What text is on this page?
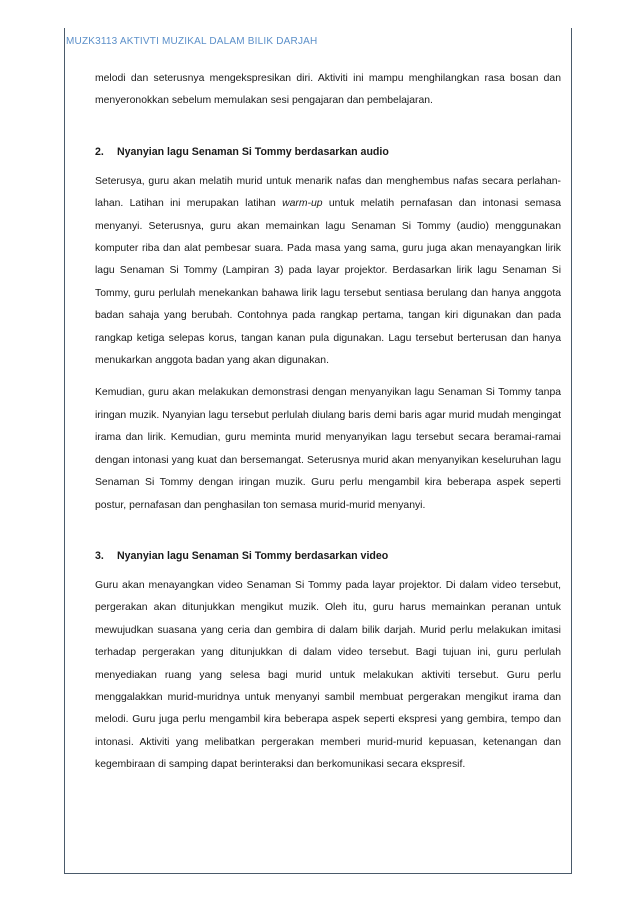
MUZK3113 AKTIVTI MUZIKAL DALAM BILIK DARJAH

melodi dan seterusnya mengekspresikan diri. Aktiviti ini mampu menghilangkan rasa bosan dan menyeronokkan sebelum memulakan sesi pengajaran dan pembelajaran.

2. Nyanyian lagu Senaman Si Tommy berdasarkan audio

Seterusya, guru akan melatih murid untuk menarik nafas dan menghembus nafas secara perlahan-lahan. Latihan ini merupakan latihan warm-up untuk melatih pernafasan dan intonasi semasa menyanyi. Seterusnya, guru akan memainkan lagu Senaman Si Tommy (audio) menggunakan komputer riba dan alat pembesar suara. Pada masa yang sama, guru juga akan menayangkan lirik lagu Senaman Si Tommy (Lampiran 3) pada layar projektor. Berdasarkan lirik lagu Senaman Si Tommy, guru perlulah menekankan bahawa lirik lagu tersebut sentiasa berulang dan hanya anggota badan sahaja yang berubah. Contohnya pada rangkap pertama, tangan kiri digunakan dan pada rangkap ketiga selepas korus, tangan kanan pula digunakan. Lagu tersebut berterusan dan hanya menukarkan anggota badan yang akan digunakan.

Kemudian, guru akan melakukan demonstrasi dengan menyanyikan lagu Senaman Si Tommy tanpa iringan muzik. Nyanyian lagu tersebut perlulah diulang baris demi baris agar murid mudah mengingat irama dan lirik. Kemudian, guru meminta murid menyanyikan lagu tersebut secara beramai-ramai dengan intonasi yang kuat dan bersemangat. Seterusnya murid akan menyanyikan keseluruhan lagu Senaman Si Tommy dengan iringan muzik. Guru perlu mengambil kira beberapa aspek seperti postur, pernafasan dan penghasilan ton semasa murid-murid menyanyi.

3. Nyanyian lagu Senaman Si Tommy berdasarkan video

Guru akan menayangkan video Senaman Si Tommy pada layar projektor. Di dalam video tersebut, pergerakan akan ditunjukkan mengikut muzik. Oleh itu, guru harus memainkan peranan untuk mewujudkan suasana yang ceria dan gembira di dalam bilik darjah. Murid perlu melakukan imitasi terhadap pergerakan yang ditunjukkan di dalam video tersebut. Bagi tujuan ini, guru perlulah menyediakan ruang yang selesa bagi murid untuk melakukan aktiviti tersebut. Guru perlu menggalakkan murid-muridnya untuk menyanyi sambil membuat pergerakan mengikut irama dan melodi. Guru juga perlu mengambil kira beberapa aspek seperti ekspresi yang gembira, tempo dan intonasi. Aktiviti yang melibatkan pergerakan memberi murid-murid kepuasan, ketenangan dan kegembiraan di samping dapat berinteraksi dan berkomunikasi secara ekspresif.
